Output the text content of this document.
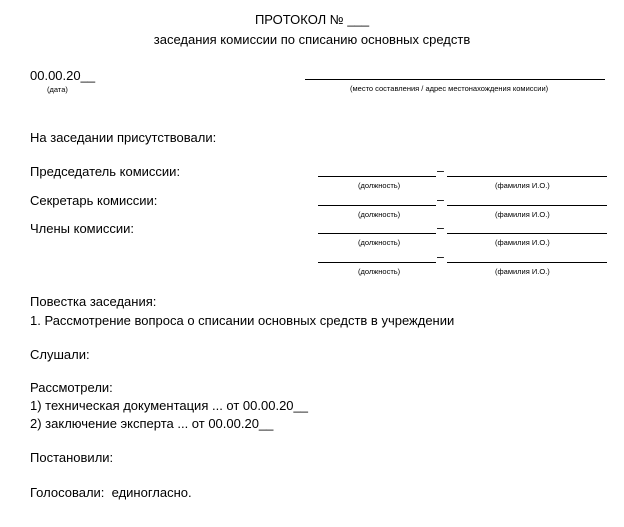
ПРОТОКОЛ № ___
заседания комиссии по списанию основных средств
00.00.20__
(дата)	(место составления / адрес местонахождения комиссии)
На заседании присутствовали:
Председатель комиссии:	–
(должность)	(фамилия И.О.)
Секретарь комиссии:	–
(должность)	(фамилия И.О.)
Члены комиссии:	–
(должность)	(фамилия И.О.)
–
(должность)	(фамилия И.О.)
Повестка заседания:
1. Рассмотрение вопроса о списании основных средств в учреждении
Слушали:
Рассмотрели:
1) техническая документация ... от 00.00.20__
2) заключение эксперта ... от 00.00.20__
Постановили:
Голосовали:  единогласно.
